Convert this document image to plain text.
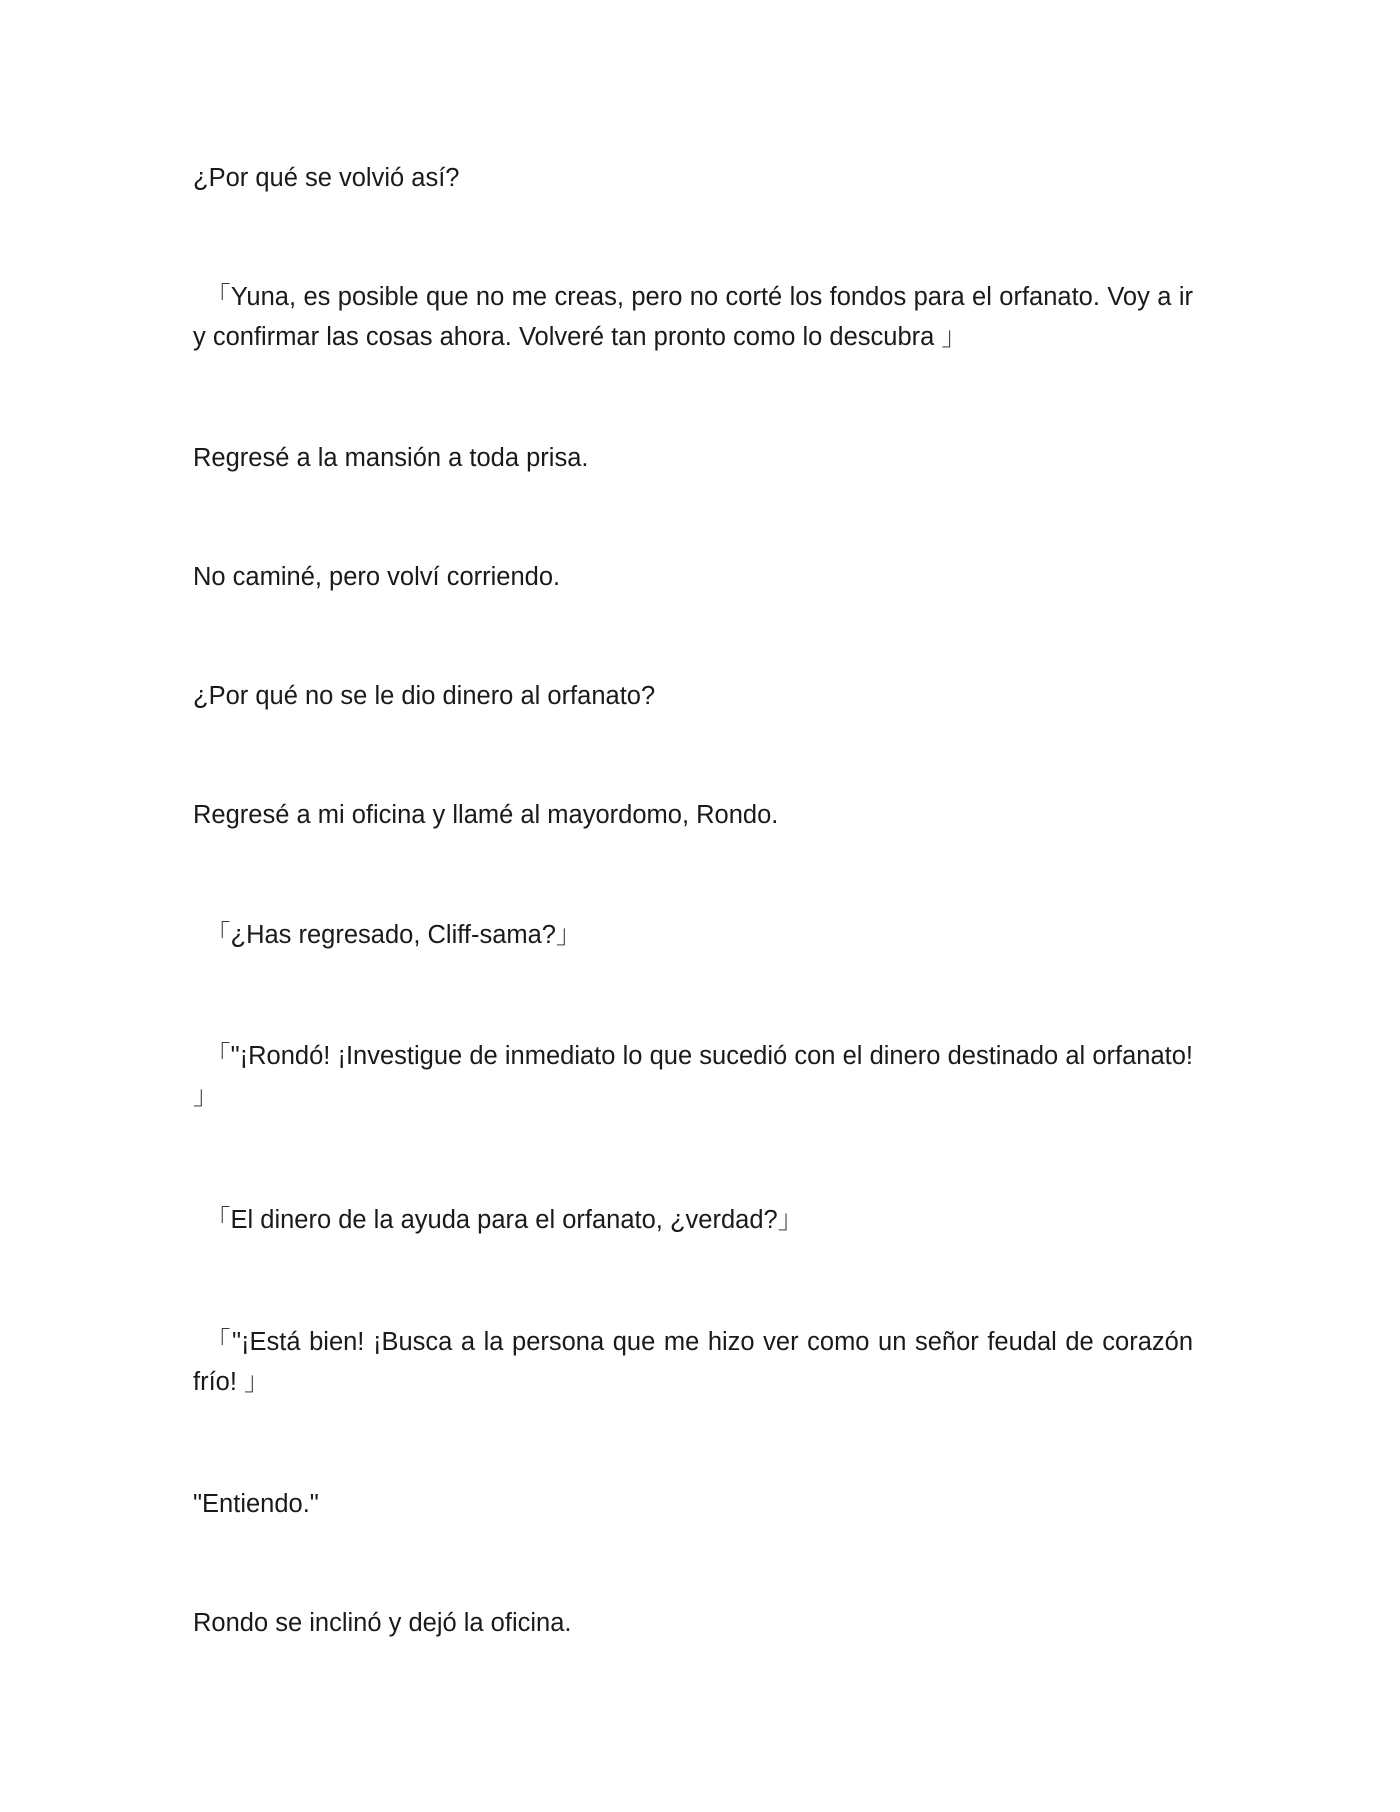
¿Por qué se volvió así?

「Yuna, es posible que no me creas, pero no corté los fondos para el orfanato. Voy a ir y confirmar las cosas ahora. Volveré tan pronto como lo descubra 」

Regresé a la mansión a toda prisa.

No caminé, pero volví corriendo.

¿Por qué no se le dio dinero al orfanato?

Regresé a mi oficina y llamé al mayordomo, Rondo.

「¿Has regresado, Cliff-sama?」

「"¡Rondó! ¡Investigue de inmediato lo que sucedió con el dinero destinado al orfanato! 」

「El dinero de la ayuda para el orfanato, ¿verdad?」

「"¡Está bien! ¡Busca a la persona que me hizo ver como un señor feudal de corazón frío! 」

"Entiendo."

Rondo se inclinó y dejó la oficina.
